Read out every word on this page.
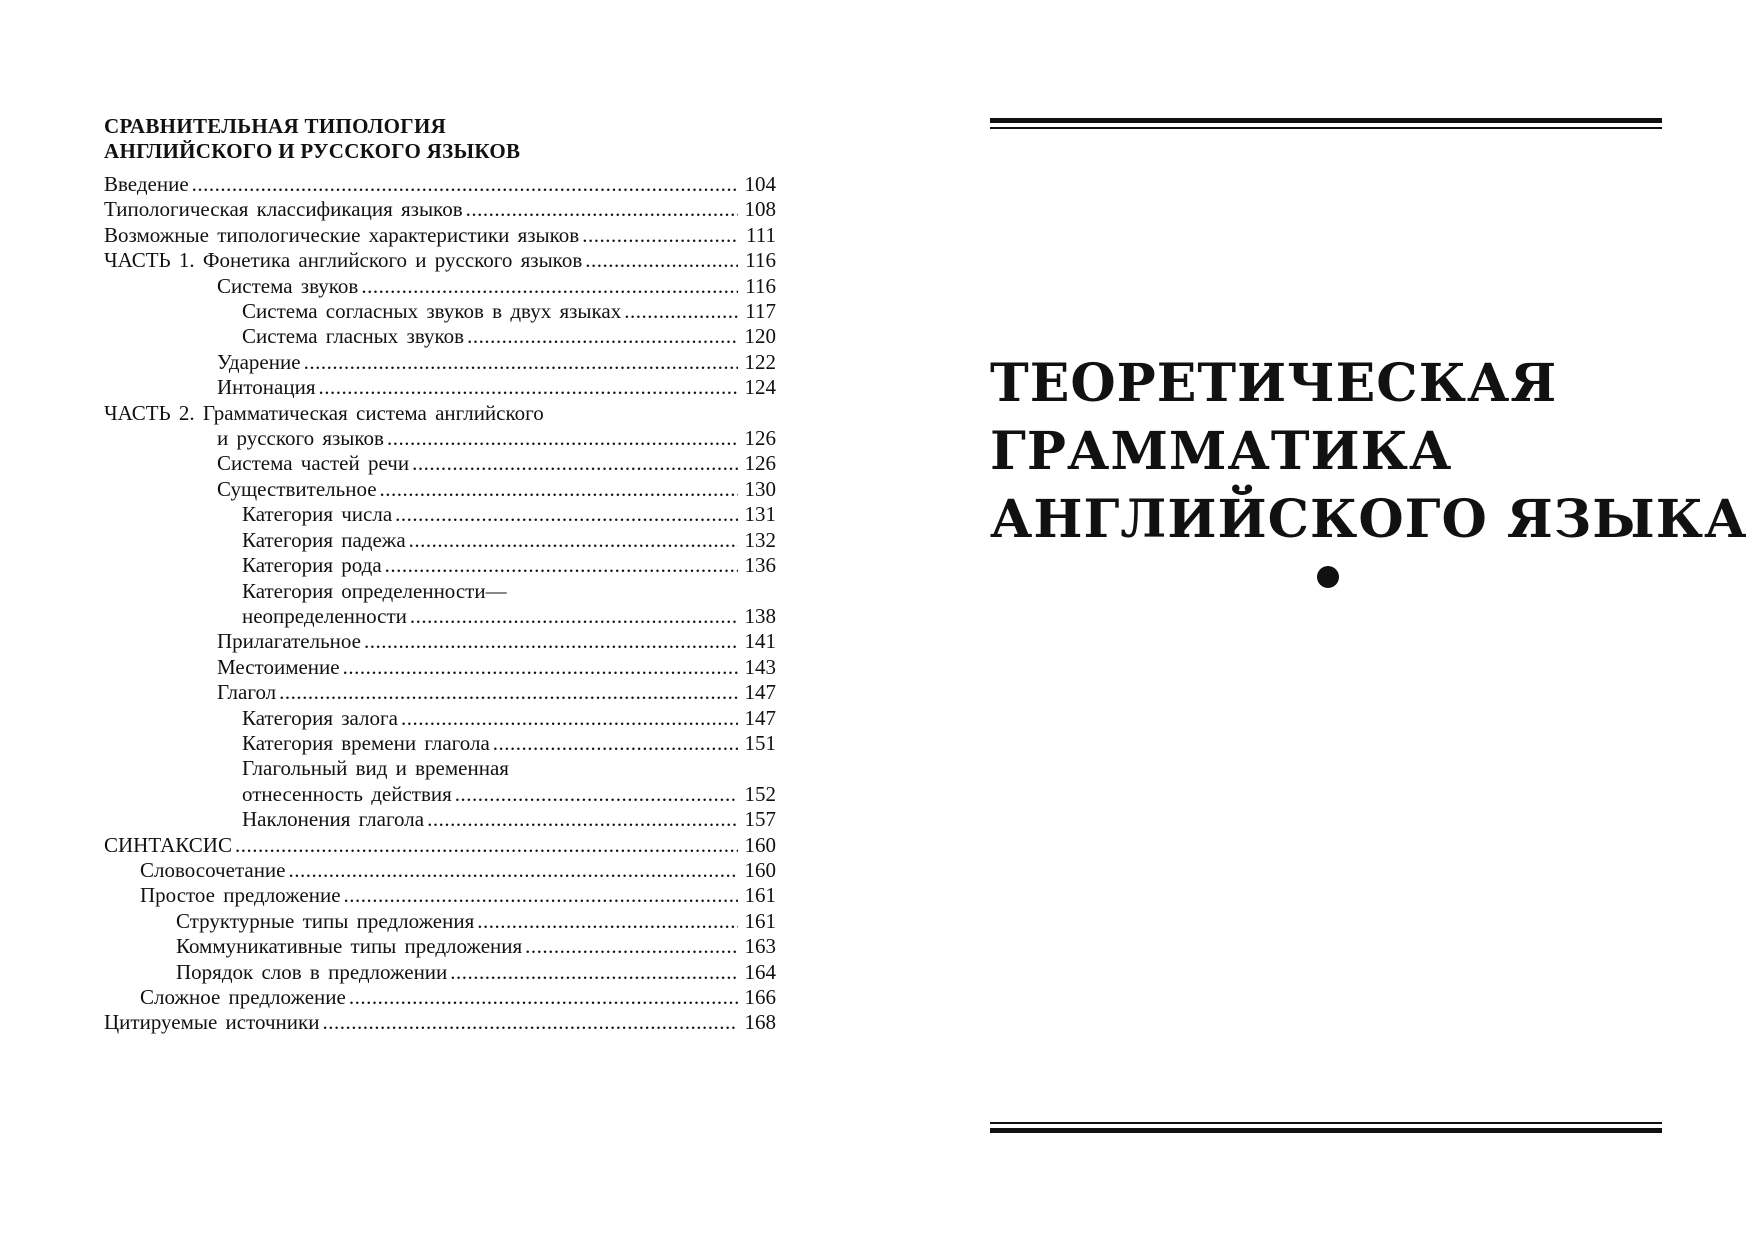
СРАВНИТЕЛЬНАЯ ТИПОЛОГИЯ
АНГЛИЙСКОГО И РУССКОГО ЯЗЫКОВ
Введение .....	104
Типологическая классификация языков .....	108
Возможные типологические характеристики языков .....	111
ЧАСТЬ 1. Фонетика английского и русского языков .....	116
Система звуков .....	116
Система согласных звуков в двух языках .....	117
Система гласных звуков .....	120
Ударение .....	122
Интонация .....	124
ЧАСТЬ 2. Грамматическая система английского
и русского языков .....	126
Система частей речи .....	126
Существительное .....	130
Категория числа .....	131
Категория падежа .....	132
Категория рода .....	136
Категория определенности—
неопределенности .....	138
Прилагательное .....	141
Местоимение .....	143
Глагол .....	147
Категория залога .....	147
Категория времени глагола .....	151
Глагольный вид и временная
отнесенность действия .....	152
Наклонения глагола .....	157
СИНТАКСИС .....	160
Словосочетание .....	160
Простое предложение .....	161
Структурные типы предложения .....	161
Коммуникативные типы предложения .....	163
Порядок слов в предложении .....	164
Сложное предложение .....	166
Цитируемые источники .....	168
ТЕОРЕТИЧЕСКАЯ
ГРАММАТИКА
АНГЛИЙСКОГО ЯЗЫКА
